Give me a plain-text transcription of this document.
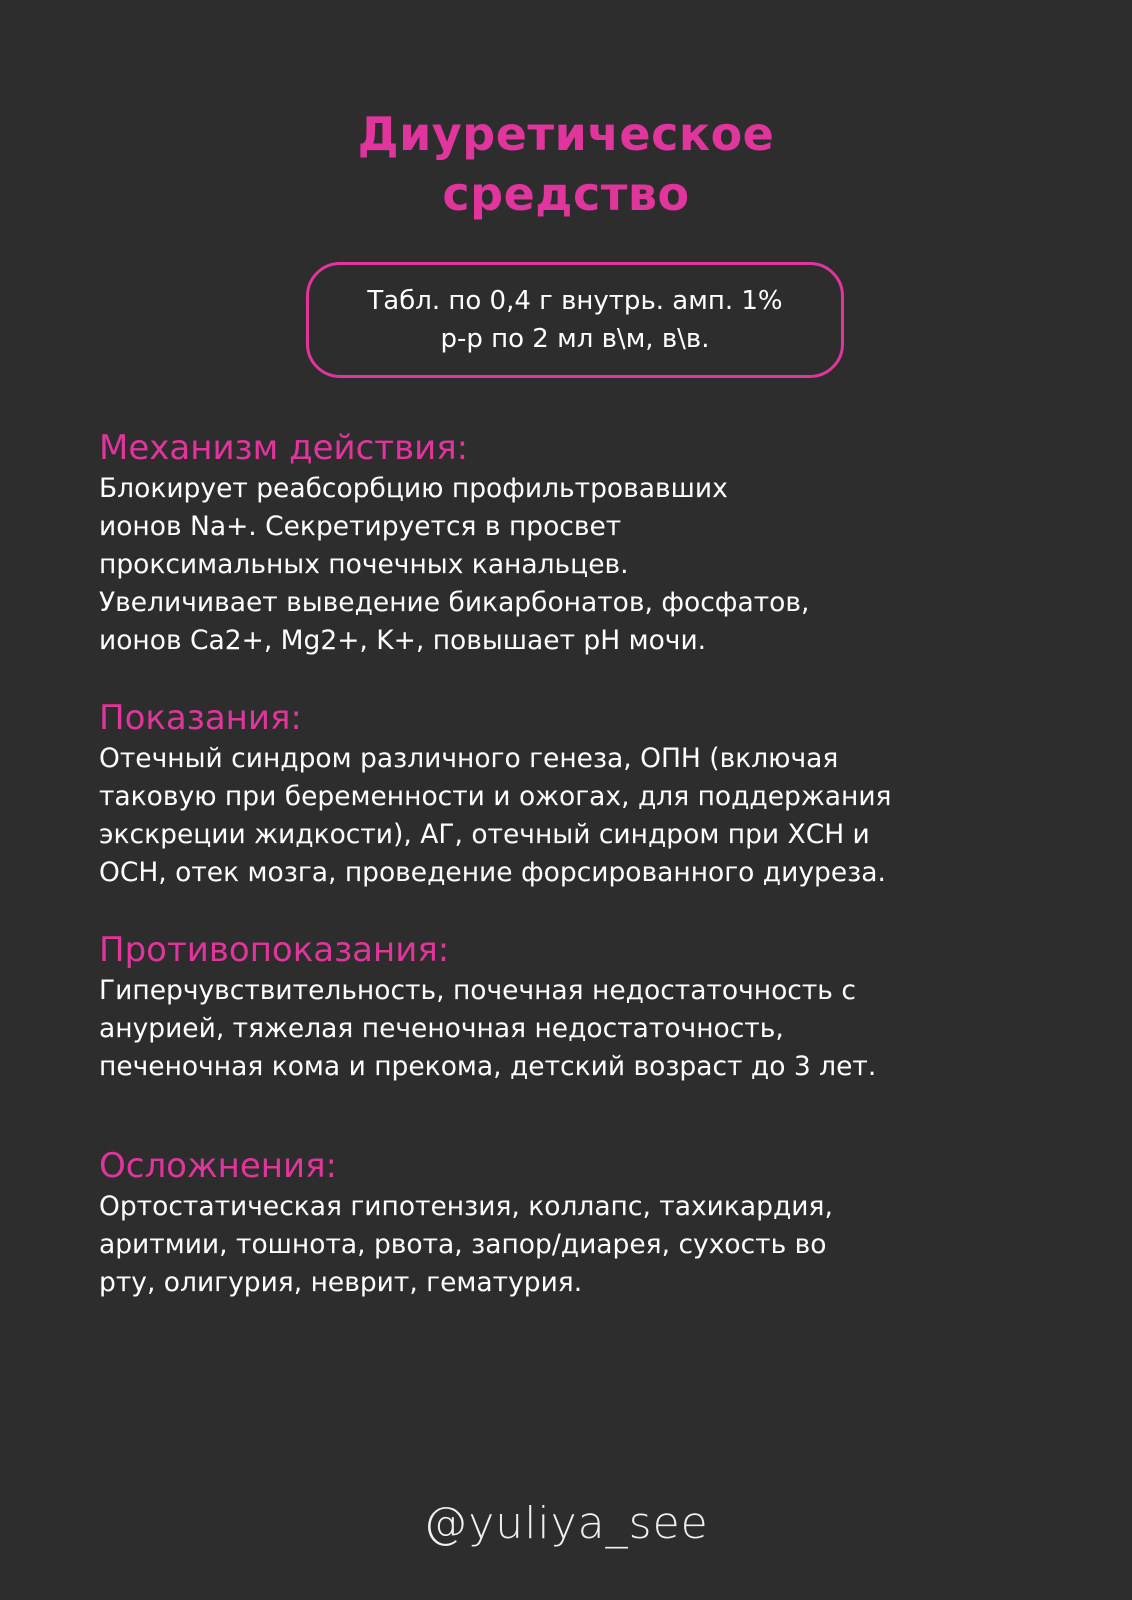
Диуретическое
средство
Табл. по 0,4 г внутрь. амп. 1%
р-р по 2 мл в\м, в\в.
Механизм действия:
Блокирует реабсорбцию профильтровавших
ионов Na+. Секретируется в просвет
проксимальных почечных канальцев.
Увеличивает выведение бикарбонатов, фосфатов,
ионов Ca2+, Mg2+, K+, повышает pH мочи.
Показания:
Отечный синдром различного генеза, ОПН (включая
таковую при беременности и ожогах, для поддержания
экскреции жидкости), АГ, отечный синдром при ХСН и
ОСН, отек мозга, проведение форсированного диуреза.
Противопоказания:
Гиперчувствительность, почечная недостаточность с
анурией, тяжелая печеночная недостаточность,
печеночная кома и прекома, детский возраст до 3 лет.
Осложнения:
Ортостатическая гипотензия, коллапс, тахикардия,
аритмии, тошнота, рвота, запор/диарея, сухость во
рту, олигурия, неврит, гематурия.
@yuliya_see
